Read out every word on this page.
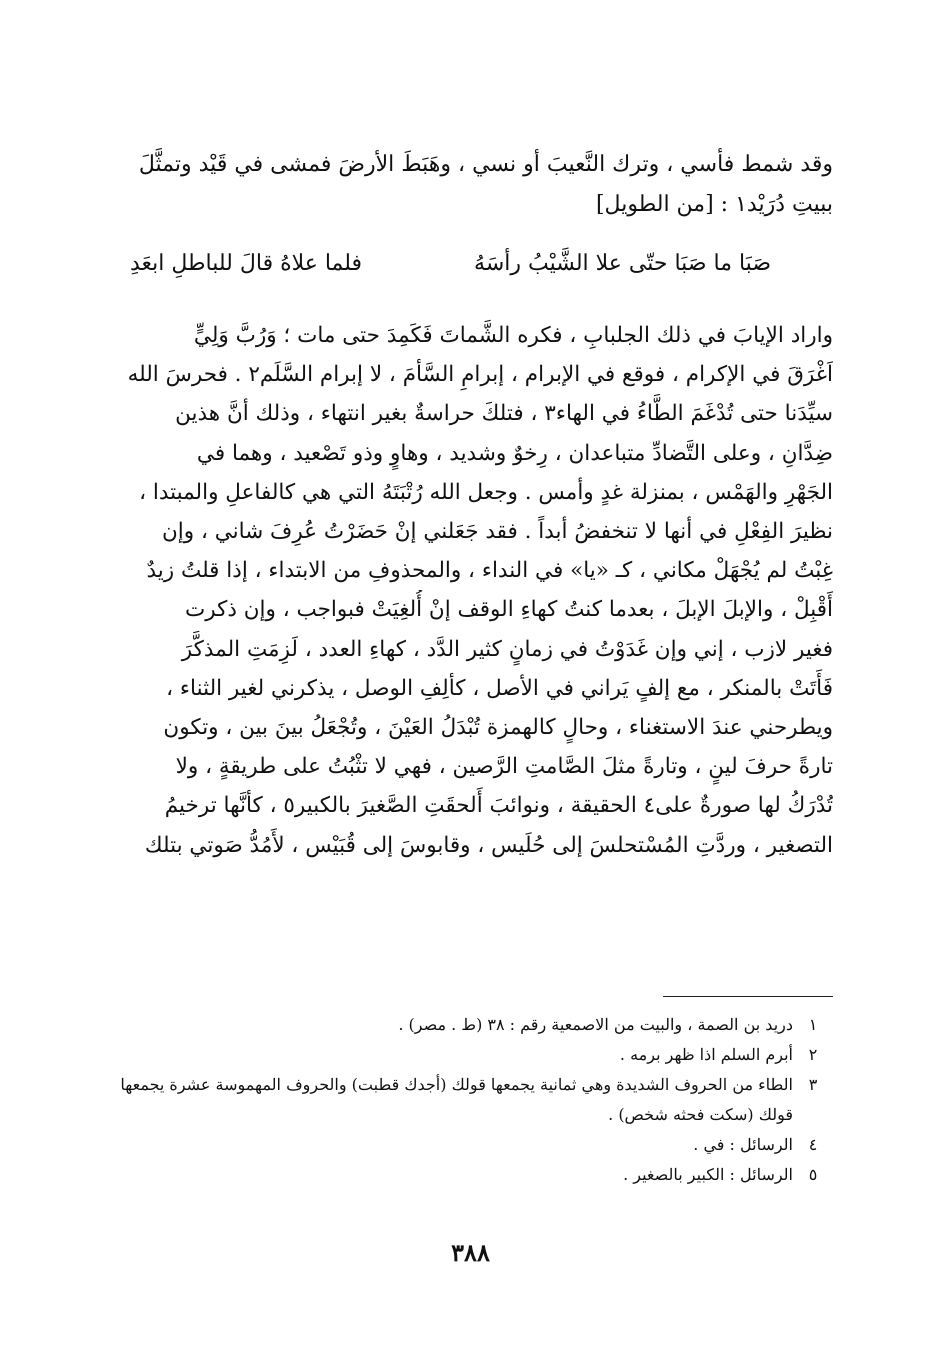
وقد شمط فأسي ، وترك النَّعيبَ أو نسي ، وهَبَطَ الأرضَ فمشى في قَيْد وتمثَّلَ
ببيتِ دُرَيْد١ : [من الطويل]
صَبَا ما صَبَا حتّى علا الشَّيْبُ رأسَهُ
فلما علاهُ قالَ للباطلِ ابعَدِ
واراد الإيابَ في ذلك الجلبابِ ، فكره الشَّماتَ فَكَمِدَ حتى مات ؛ وَرُبَّ وَلِيٍّ
اَغْرَقَ في الإكرام ، فوقع في الإبرام ، إبرامِ السَّأمَ ، لا إبرام السَّلَم٢ . فحرسَ الله
سيِّدَنا حتى تُدْغَمَ الطَّاءُ في الهاء٣ ، فتلكَ حراسةٌ بغير انتهاء ، وذلك أنَّ هذين
ضِدَّانِ ، وعلى التَّضادِّ متباعدان ، رِخوٌ وشديد ، وهاوٍ وذو تَصْعيد ، وهما في
الجَهْرِ والهَمْس ، بمنزلة غدٍ وأمس . وجعل الله رُتْبَتَهُ التي هي كالفاعلِ والمبتدا ،
نظيرَ الفِعْلِ في أنها لا تنخفضُ أبداً . فقد جَعَلني إنْ حَضَرْتُ عُرِفَ شاني ، وإن
غِبْتُ لم يُجْهَلْ مكاني ، كـ «يا» في النداء ، والمحذوفِ من الابتداء ، إذا قلتُ زيدٌ
أَقْبِلْ ، والإبلَ الإبلَ ، بعدما كنتُ كهاءِ الوقف إنْ أُلغِيَتْ فبواجب ، وإن ذكرت
فغير لازب ، إني وإن غَدَوْتُ في زمانٍ كثير الدَّد ، كهاءِ العدد ، لَزِمَتِ المذكَّرَ
فَأَتَتْ بالمنكر ، مع إلفٍ يَراني في الأصل ، كألِفِ الوصل ، يذكرني لغير الثناء ،
ويطرحني عندَ الاستغناء ، وحالٍ كالهمزة تُبْدَلُ العَيْنَ ، وتُجْعَلُ بينَ بين ، وتكون
تارةً حرفَ لينٍ ، وتارةً مثلَ الصَّامتِ الرَّصين ، فهي لا تثْبُتُ على طريقةٍ ، ولا
تُدْرَكُ لها صورةٌ على٤ الحقيقة ، ونوائبَ أَلحقَتِ الصَّغيرَ بالكبير٥ ، كأنَّها ترخيمُ
التصغير ، وردَّتِ المُسْتحلسَ إلى حُلَيس ، وقابوسَ إلى قُبَيْس ، لأَمُدُّ صَوتي بتلك
١
دريد بن الصمة ، والبيت من الاصمعية رقم : ٣٨ (ط . مصر) .
٢
أبرم السلم اذا ظهر برمه .
٣
الطاء من الحروف الشديدة وهي ثمانية يجمعها قولك (أجدك قطبت) والحروف المهموسة عشرة يجمعها قولك (سكت فحثه شخص) .
٤
الرسائل : في .
٥
الرسائل : الكبير بالصغير .
٣٨٨
